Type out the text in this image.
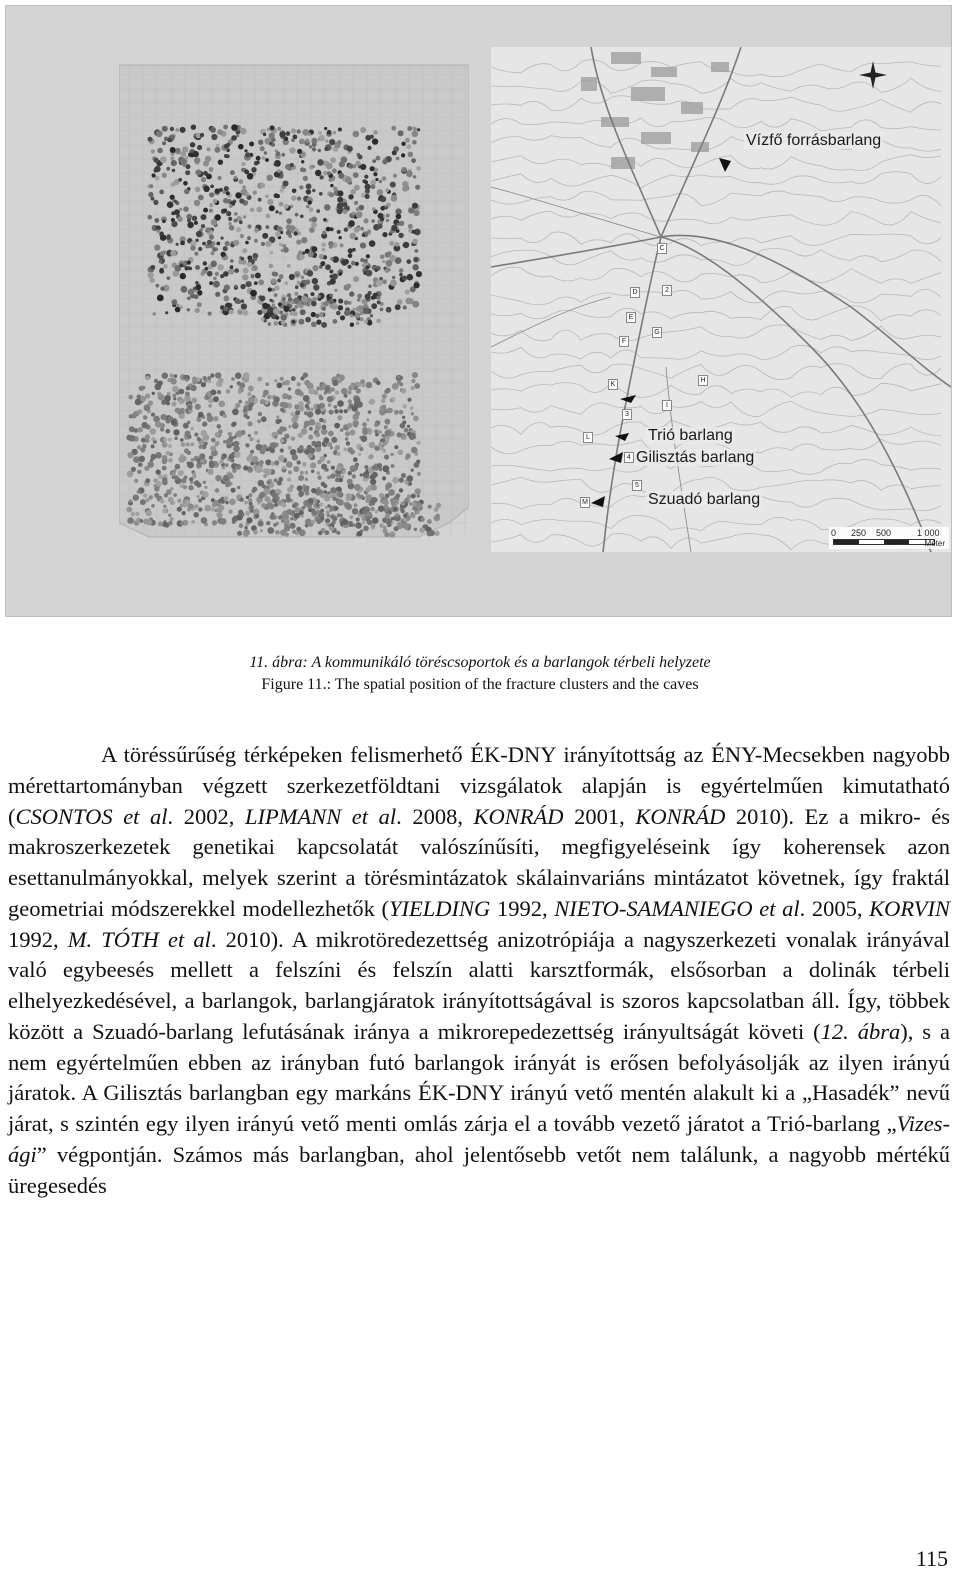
Vízfő forrásbarlang
Trió barlang
Gilisztás barlang
Szuadó barlang
C
D	2
E
F
G
K
H
I
L
4
5
M
3
0 250 500	1 000
Méter
11. ábra: A kommunikáló töréscsoportok és a barlangok térbeli helyzete
Figure 11.: The spatial position of the fracture clusters and the caves

A töréssűrűség térképeken felismerhető ÉK-DNY irányítottság az ÉNY-Mecsekben nagyobb mérettartományban végzett szerkezetföldtani vizsgálatok alapján is egyértelműen kimutatható (CSONTOS et al. 2002, LIPMANN et al. 2008, KONRÁD 2001, KONRÁD 2010). Ez a mikro- és makroszerkezetek genetikai kapcsolatát valószínűsíti, megfigyeléseink így koherensek azon esettanulmányokkal, melyek szerint a törésmintázatok skálainvariáns mintázatot követnek, így fraktál geometriai módszerekkel modellezhetők (YIELDING 1992, NIETO-SAMANIEGO et al. 2005, KORVIN 1992, M. TÓTH et al. 2010). A mikrotöredezettség anizotrópiája a nagyszerkezeti vonalak irányával való egybeesés mellett a felszíni és felszín alatti karsztformák, elsősorban a dolinák térbeli elhelyezkedésével, a barlangok, barlangjáratok irányítottságával is szoros kapcsolatban áll. Így, többek között a Szuadó-barlang lefutásának iránya a mikrorepedezettség irányultságát követi (12. ábra), s a nem egyértelműen ebben az irányban futó barlangok irányát is erősen befolyásolják az ilyen irányú járatok. A Gilisztás barlangban egy markáns ÉK-DNY irányú vető mentén alakult ki a „Hasadék” nevű járat, s szintén egy ilyen irányú vető menti omlás zárja el a tovább vezető járatot a Trió-barlang „Vizes-ági” végpontján. Számos más barlangban, ahol jelentősebb vetőt nem találunk, a nagyobb mértékű üregesedés

115
